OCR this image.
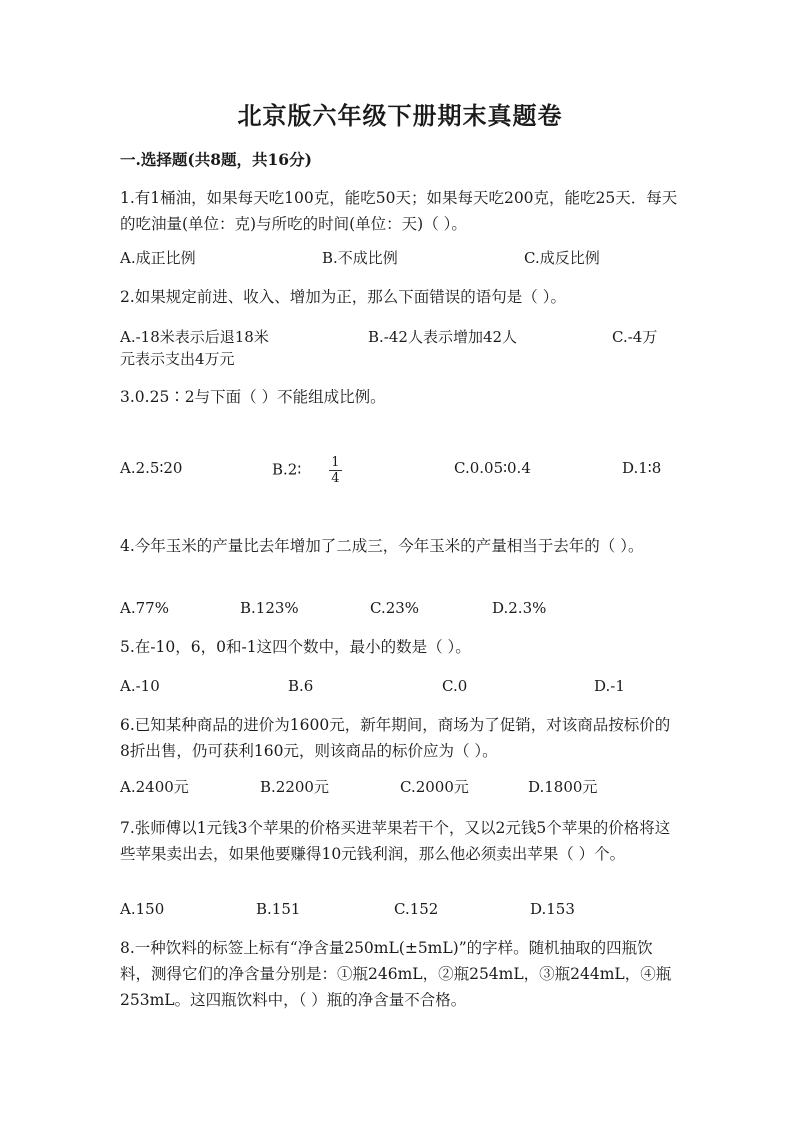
北京版六年级下册期末真题卷
一.选择题(共8题，共16分)
1.有1桶油，如果每天吃100克，能吃50天；如果每天吃200克，能吃25天．每天的吃油量(单位：克)与所吃的时间(单位：天)（ ）。
A.成正比例	B.不成比例	C.成反比例
2.如果规定前进、收入、增加为正，那么下面错误的语句是（ ）。
A.-18米表示后退18米	B.-42人表示增加42人	C.-4万
元表示支出4万元
3.0.25∶2与下面（ ）不能组成比例。
A.2.5∶20	B.2∶ $\frac{1}{4}$	C.0.05∶0.4	D.1∶8
4.今年玉米的产量比去年增加了二成三，今年玉米的产量相当于去年的（ ）。
A.77%	B.123%	C.23%	D.2.3%
5.在-10，6，0和-1这四个数中，最小的数是（ ）。
A.-10	B.6	C.0	D.-1
6.已知某种商品的进价为1600元，新年期间，商场为了促销，对该商品按标价的8折出售，仍可获利160元，则该商品的标价应为（ ）。
A.2400元	B.2200元	C.2000元	D.1800元
7.张师傅以1元钱3个苹果的价格买进苹果若干个，又以2元钱5个苹果的价格将这些苹果卖出去，如果他要赚得10元钱利润，那么他必须卖出苹果（ ）个。
A.150	B.151	C.152	D.153
8.一种饮料的标签上标有“净含量250mL(±5mL)”的字样。随机抽取的四瓶饮料，测得它们的净含量分别是：①瓶246mL，②瓶254mL，③瓶244mL，④瓶253mL。这四瓶饮料中，（ ）瓶的净含量不合格。
